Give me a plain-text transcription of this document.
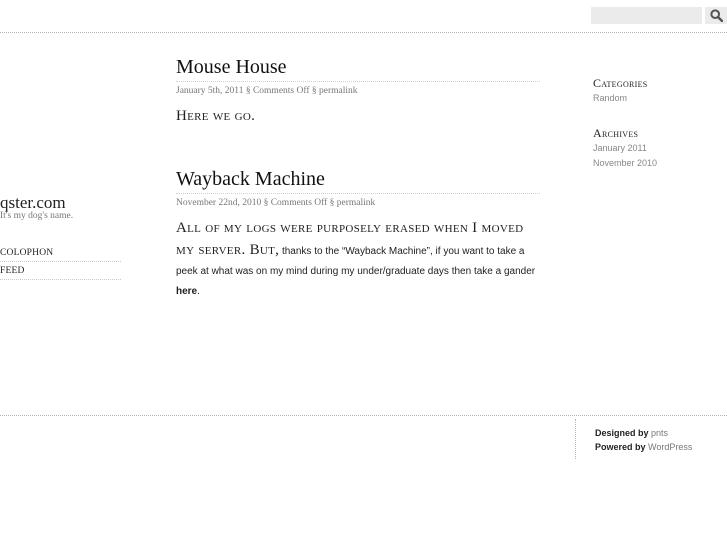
qster.com
It's my dog's name.
COLOPHON
FEED
Mouse House
January 5th, 2011 § Comments Off § permalink
Here we go.
Wayback Machine
November 22nd, 2010 § Comments Off § permalink
All of my logs were purposely erased when I moved my server. But, thanks to the “Wayback Machine”, if you want to take a peek at what was on my mind during my under/graduate days then take a gander here.
Categories
Random
Archives
January 2011
November 2010
Designed by pnts
Powered by WordPress
